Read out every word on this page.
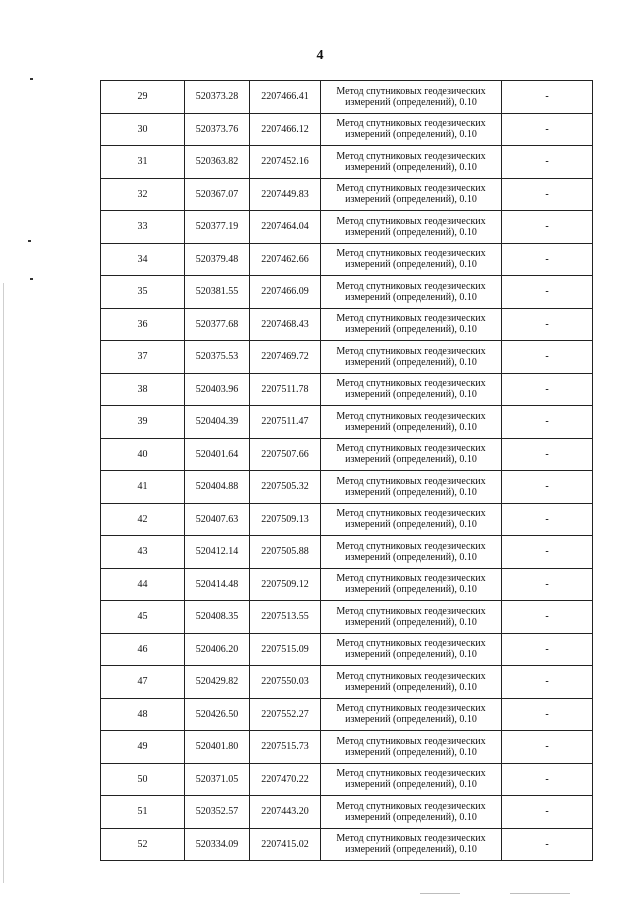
4
29	520373.28	2207466.41	Метод спутниковых геодезических
измерений (определений), 0.10	-
30	520373.76	2207466.12	Метод спутниковых геодезических
измерений (определений), 0.10	-
31	520363.82	2207452.16	Метод спутниковых геодезических
измерений (определений), 0.10	-
32	520367.07	2207449.83	Метод спутниковых геодезических
измерений (определений), 0.10	-
33	520377.19	2207464.04	Метод спутниковых геодезических
измерений (определений), 0.10	-
34	520379.48	2207462.66	Метод спутниковых геодезических
измерений (определений), 0.10	-
35	520381.55	2207466.09	Метод спутниковых геодезических
измерений (определений), 0.10	-
36	520377.68	2207468.43	Метод спутниковых геодезических
измерений (определений), 0.10	-
37	520375.53	2207469.72	Метод спутниковых геодезических
измерений (определений), 0.10	-
38	520403.96	2207511.78	Метод спутниковых геодезических
измерений (определений), 0.10	-
39	520404.39	2207511.47	Метод спутниковых геодезических
измерений (определений), 0.10	-
40	520401.64	2207507.66	Метод спутниковых геодезических
измерений (определений), 0.10	-
41	520404.88	2207505.32	Метод спутниковых геодезических
измерений (определений), 0.10	-
42	520407.63	2207509.13	Метод спутниковых геодезических
измерений (определений), 0.10	-
43	520412.14	2207505.88	Метод спутниковых геодезических
измерений (определений), 0.10	-
44	520414.48	2207509.12	Метод спутниковых геодезических
измерений (определений), 0.10	-
45	520408.35	2207513.55	Метод спутниковых геодезических
измерений (определений), 0.10	-
46	520406.20	2207515.09	Метод спутниковых геодезических
измерений (определений), 0.10	-
47	520429.82	2207550.03	Метод спутниковых геодезических
измерений (определений), 0.10	-
48	520426.50	2207552.27	Метод спутниковых геодезических
измерений (определений), 0.10	-
49	520401.80	2207515.73	Метод спутниковых геодезических
измерений (определений), 0.10	-
50	520371.05	2207470.22	Метод спутниковых геодезических
измерений (определений), 0.10	-
51	520352.57	2207443.20	Метод спутниковых геодезических
измерений (определений), 0.10	-
52	520334.09	2207415.02	Метод спутниковых геодезических
измерений (определений), 0.10	-
